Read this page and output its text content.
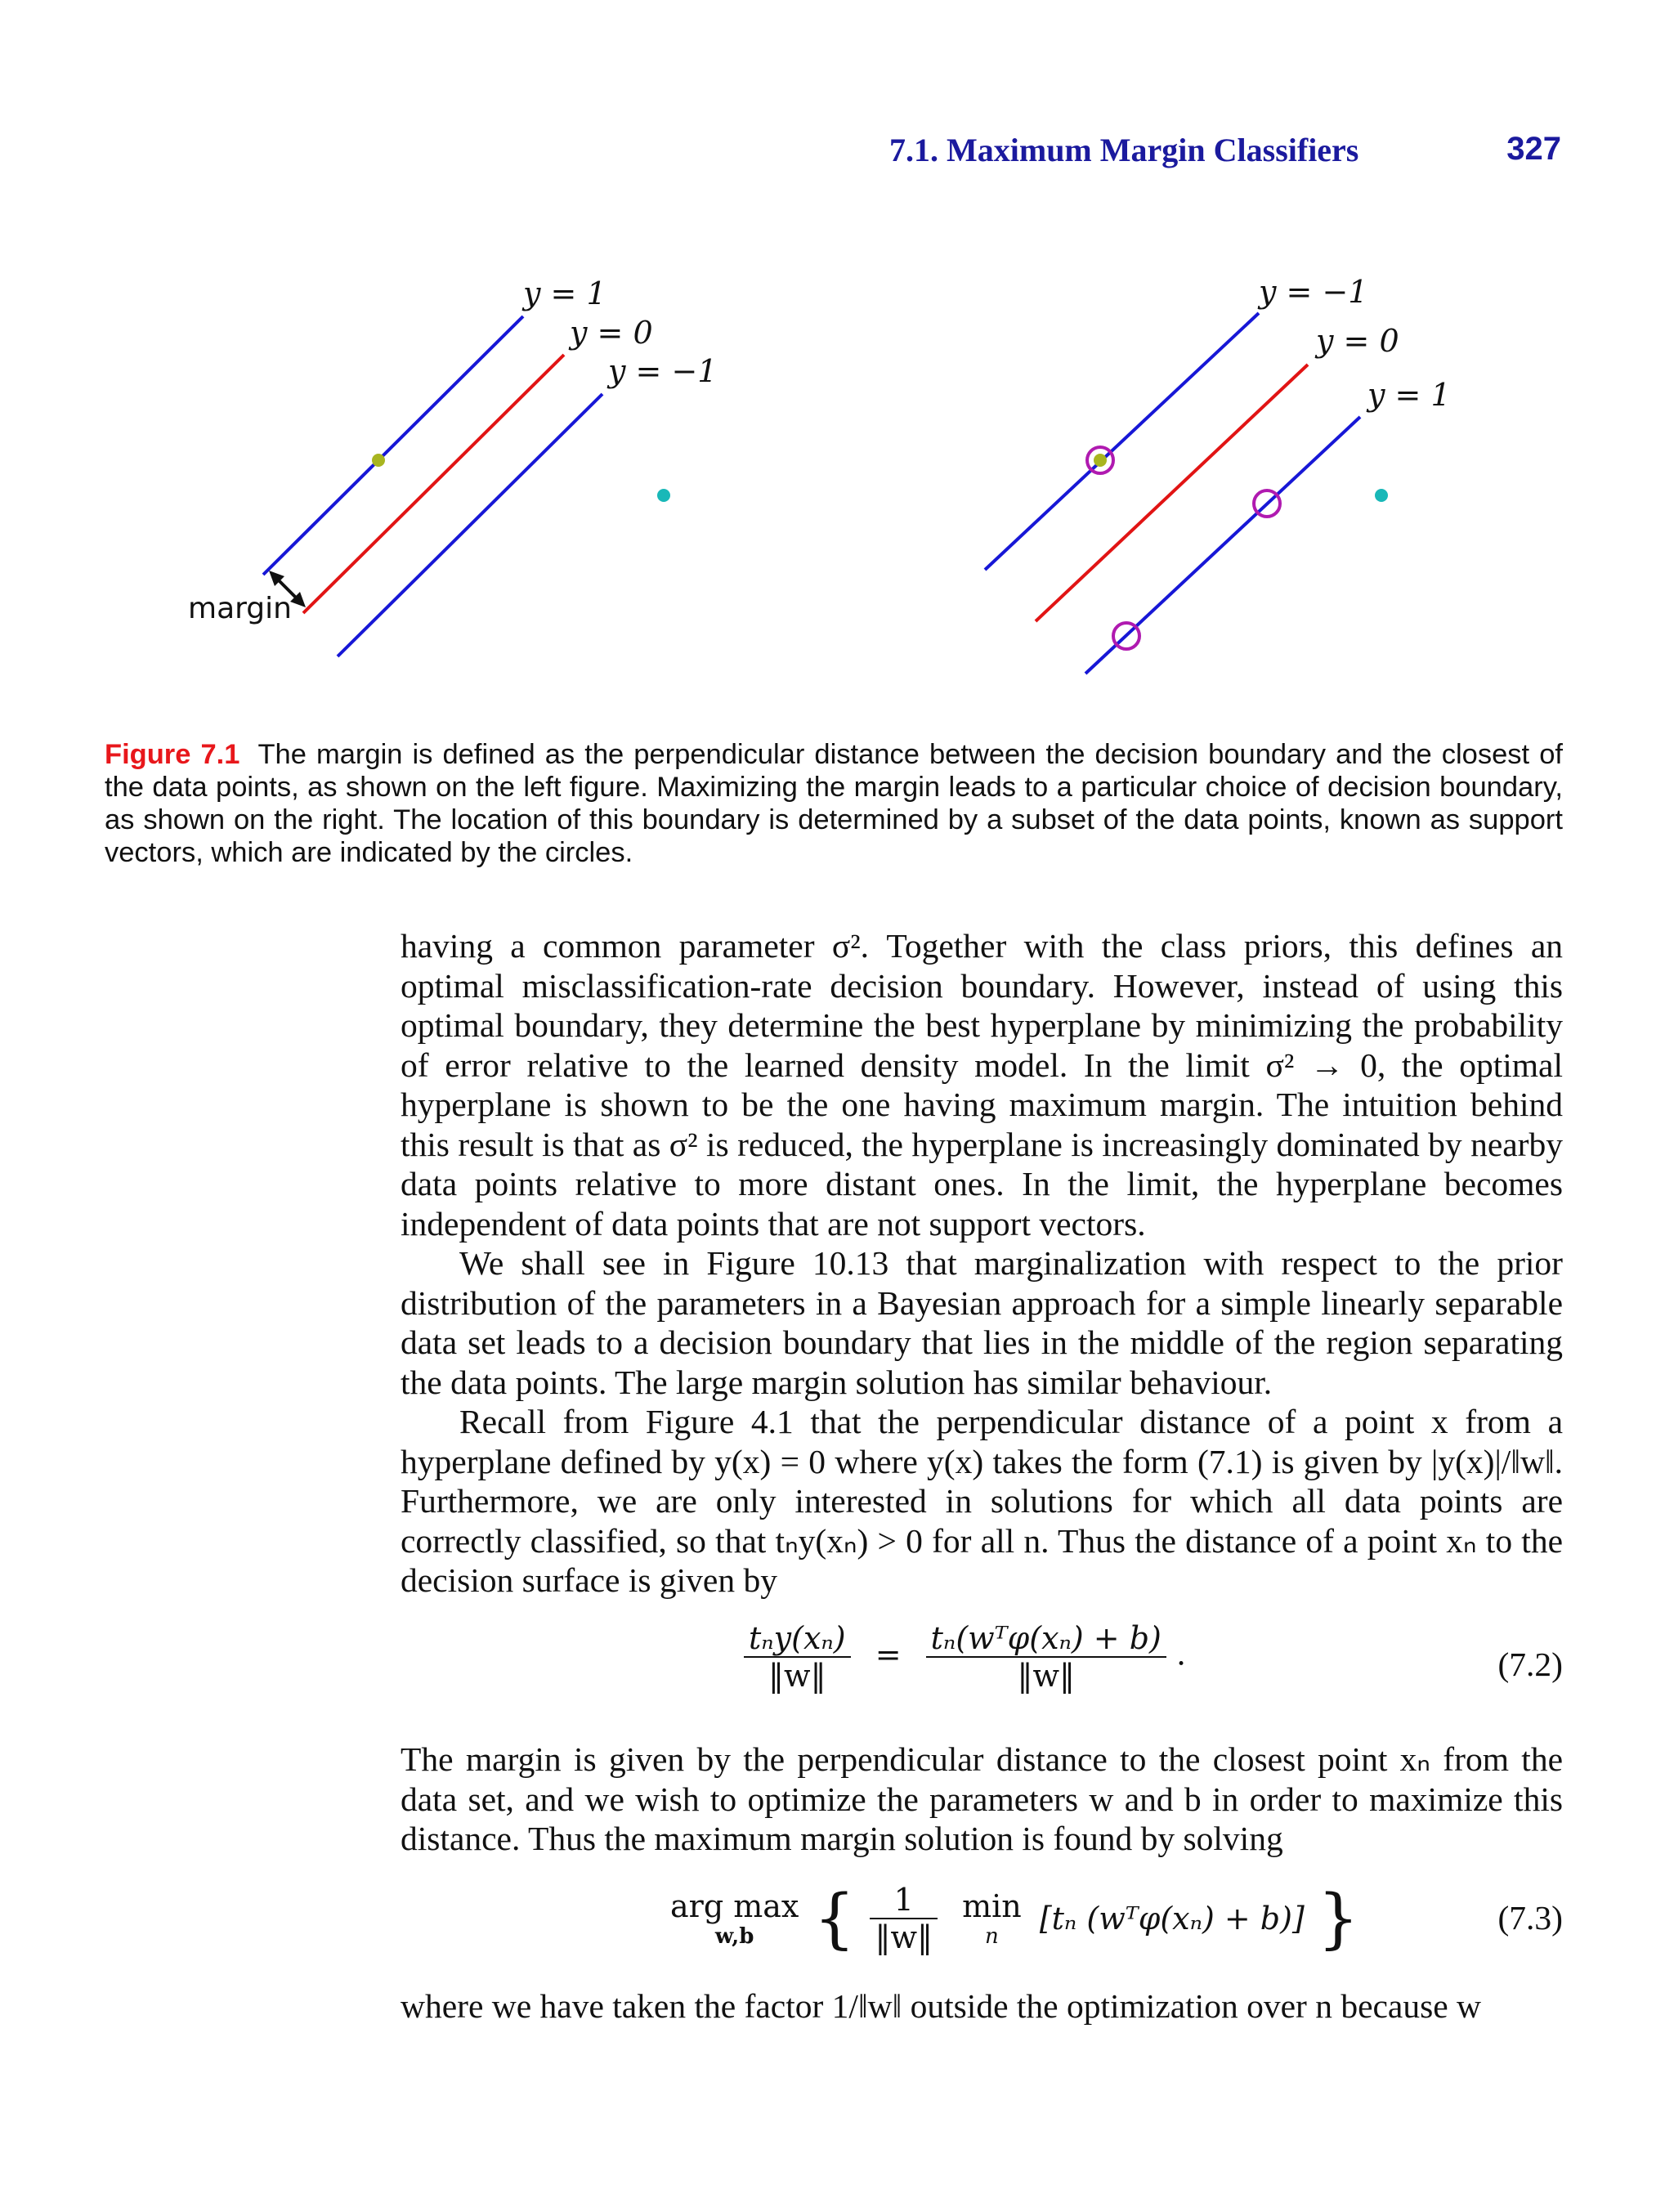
7.1. Maximum Margin Classifiers	327
y = 1
y = 0
y = −1
margin
y = −1
y = 0
y = 1
Figure 7.1 The margin is defined as the perpendicular distance between the decision boundary and the closest of the data points, as shown on the left figure. Maximizing the margin leads to a particular choice of decision boundary, as shown on the right. The location of this boundary is determined by a subset of the data points, known as support vectors, which are indicated by the circles.

having a common parameter σ². Together with the class priors, this defines an optimal misclassification-rate decision boundary. However, instead of using this optimal boundary, they determine the best hyperplane by minimizing the probability of error relative to the learned density model. In the limit σ² → 0, the optimal hyperplane is shown to be the one having maximum margin. The intuition behind this result is that as σ² is reduced, the hyperplane is increasingly dominated by nearby data points relative to more distant ones. In the limit, the hyperplane becomes independent of data points that are not support vectors.

We shall see in Figure 10.13 that marginalization with respect to the prior distribution of the parameters in a Bayesian approach for a simple linearly separable data set leads to a decision boundary that lies in the middle of the region separating the data points. The large margin solution has similar behaviour.

Recall from Figure 4.1 that the perpendicular distance of a point x from a hyperplane defined by y(x) = 0 where y(x) takes the form (7.1) is given by |y(x)|/‖w‖. Furthermore, we are only interested in solutions for which all data points are correctly classified, so that tₙy(xₙ) > 0 for all n. Thus the distance of a point xₙ to the decision surface is given by

$\frac{\text{tₙy(xₙ)}}{‖w‖} = \frac{\text{tₙ(wᵀφ(xₙ) + b)}}{‖w‖}$ .	(7.2)

The margin is given by the perpendicular distance to the closest point xₙ from the data set, and we wish to optimize the parameters w and b in order to maximize this distance. Thus the maximum margin solution is found by solving

arg max
w,b { $\frac{1}{‖w‖}$
min
n	[tₙ (wᵀφ(xₙ) + b)] }	(7.3)

where we have taken the factor 1/‖w‖ outside the optimization over n because w
